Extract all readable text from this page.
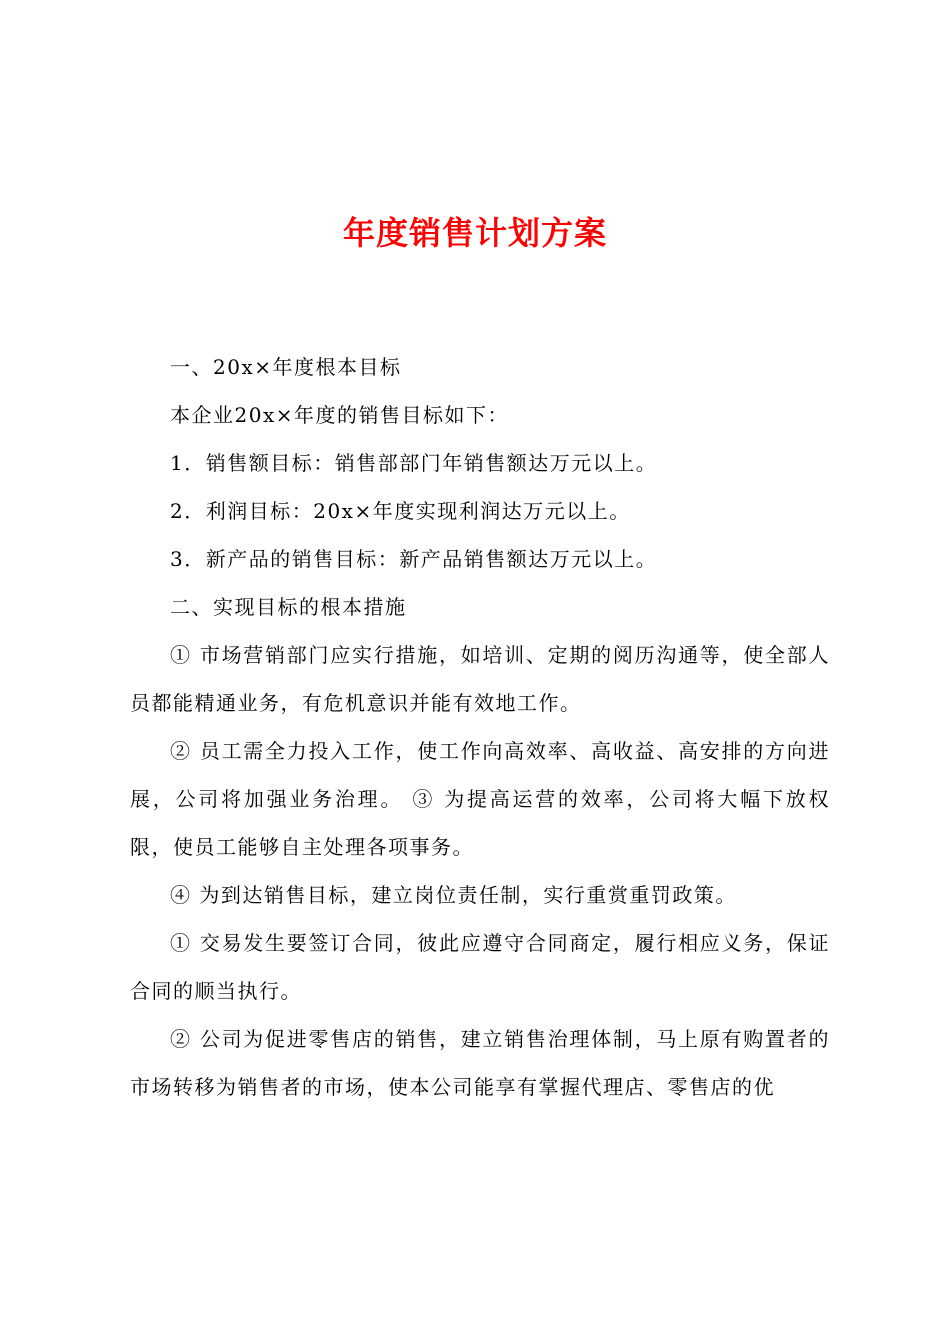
年度销售计划方案

一、20x×年度根本目标

本企业20x×年度的销售目标如下：

1．销售额目标：销售部部门年销售额达万元以上。

2．利润目标：20x×年度实现利润达万元以上。

3．新产品的销售目标：新产品销售额达万元以上。

二、实现目标的根本措施

① 市场营销部门应实行措施，如培训、定期的阅历沟通等，使全部人员都能精通业务，有危机意识并能有效地工作。

② 员工需全力投入工作，使工作向高效率、高收益、高安排的方向进展，公司将加强业务治理。 ③ 为提高运营的效率，公司将大幅下放权限，使员工能够自主处理各项事务。

④ 为到达销售目标，建立岗位责任制，实行重赏重罚政策。

① 交易发生要签订合同，彼此应遵守合同商定，履行相应义务，保证合同的顺当执行。

② 公司为促进零售店的销售，建立销售治理体制，马上原有购置者的市场转移为销售者的市场，使本公司能享有掌握代理店、零售店的优
